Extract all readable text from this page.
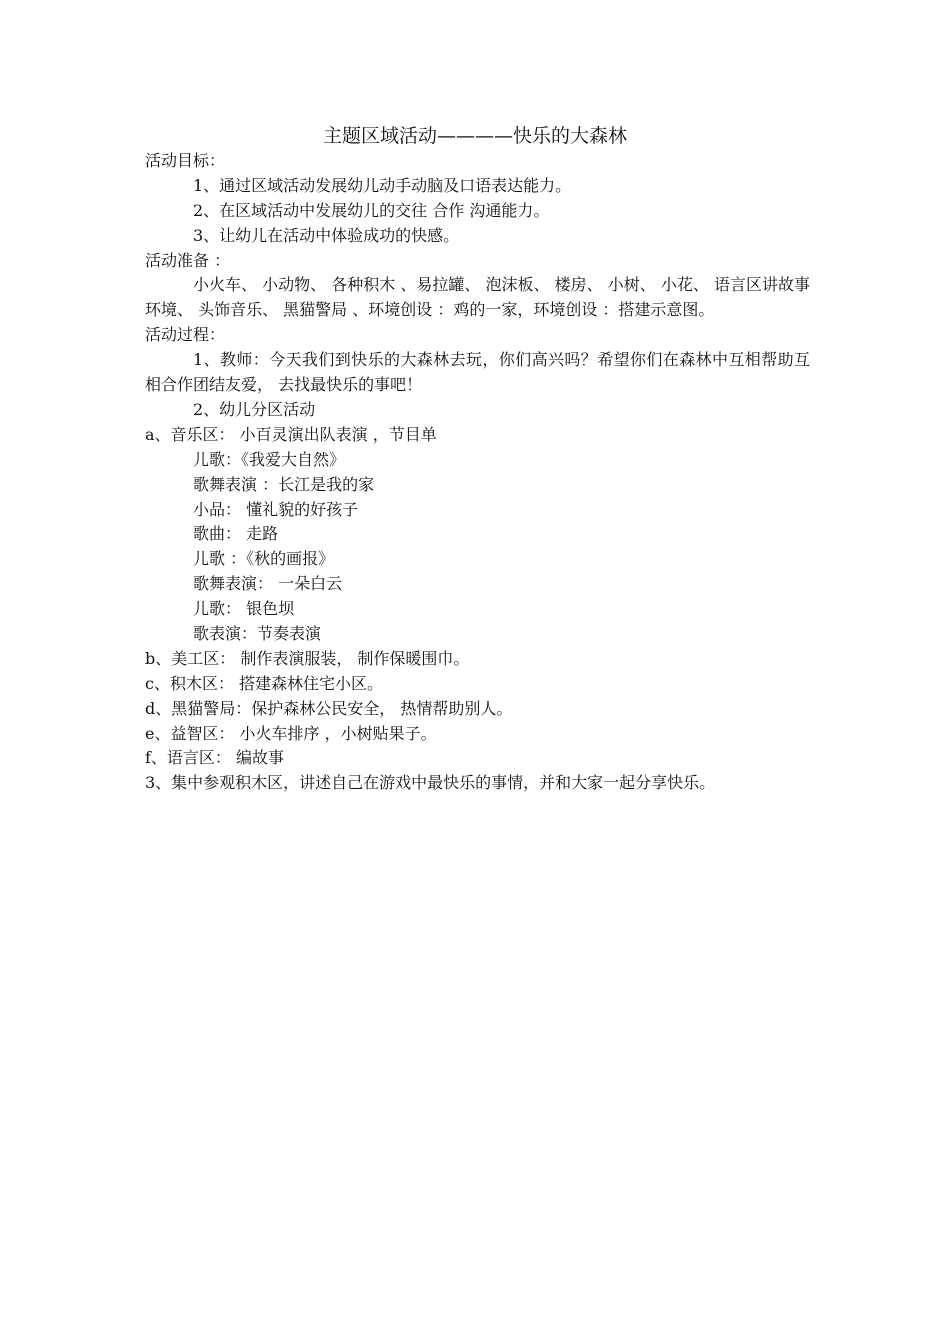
主题区域活动————快乐的大森林
活动目标：
1、通过区域活动发展幼儿动手动脑及口语表达能力。
2、在区域活动中发展幼儿的交往 合作 沟通能力。
3、让幼儿在活动中体验成功的快感。
活动准备 ：
小火车、 小动物、 各种积木 、易拉罐、 泡沫板、 楼房、 小树、 小花、 语言区讲故事环境、 头饰音乐、 黑猫警局 、环境创设 ：鸡的一家，环境创设 ：搭建示意图。
活动过程：
1、教师：今天我们到快乐的大森林去玩，你们高兴吗？希望你们在森林中互相帮助互相合作团结友爱， 去找最快乐的事吧！
2、幼儿分区活动
a、音乐区： 小百灵演出队表演 ，节目单
儿歌：《我爱大自然》
歌舞表演 ：长江是我的家
小品： 懂礼貌的好孩子
歌曲： 走路
儿歌 ：《秋的画报》
歌舞表演： 一朵白云
儿歌： 银色坝
歌表演：节奏表演
b、美工区： 制作表演服装， 制作保暖围巾。
c、积木区： 搭建森林住宅小区。
d、黑猫警局：保护森林公民安全， 热情帮助别人。
e、益智区： 小火车排序 ，小树贴果子。
f、语言区： 编故事
3、集中参观积木区，讲述自己在游戏中最快乐的事情，并和大家一起分享快乐。
